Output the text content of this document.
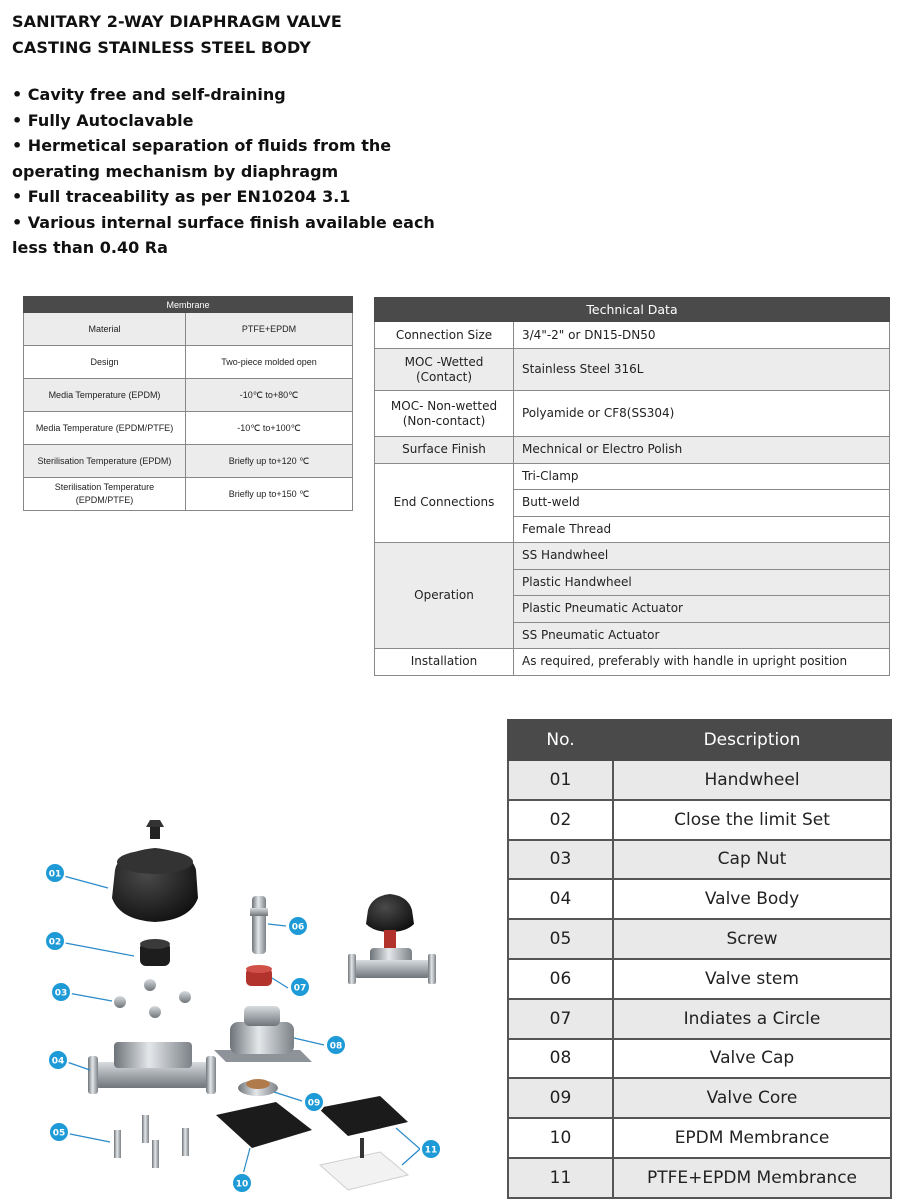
SANITARY 2-WAY DIAPHRAGM VALVE
CASTING STAINLESS STEEL BODY

• Cavity free and self-draining

• Fully Autoclavable

• Hermetical separation of fluids from the operating mechanism by diaphragm

• Full traceability as per EN10204 3.1

• Various internal surface finish available each less than 0.40 Ra

Membrane	
Material	PTFE+EPDM
Design	Two-piece molded open
Media Temperature (EPDM)	-10℃ to+80℃
Media Temperature (EPDM/PTFE)	-10℃ to+100℃
Sterilisation Temperature (EPDM)	Briefly up to+120 ℃
Sterilisation Temperature (EPDM/PTFE)	Briefly up to+150 ℃
Technical Data	
Connection Size	3/4"-2" or DN15-DN50
MOC -Wetted (Contact)	Stainless Steel 316L
MOC- Non-wetted (Non-contact)	Polyamide or CF8(SS304)
Surface Finish	Mechnical or Electro Polish
End Connections	Tri-Clamp
	Butt-weld
	Female Thread
Operation	SS Handwheel
	Plastic Handwheel
	Plastic Pneumatic Actuator
	SS Pneumatic Actuator
Installation	As required, preferably with handle in upright position
01
02
03
04
05
06
07
08
09
10
11
No.	Description
01	Handwheel
02	Close the limit Set
03	Cap Nut
04	Valve Body
05	Screw
06	Valve stem
07	Indiates a Circle
08	Valve Cap
09	Valve Core
10	EPDM Membrance
11	PTFE+EPDM Membrance
